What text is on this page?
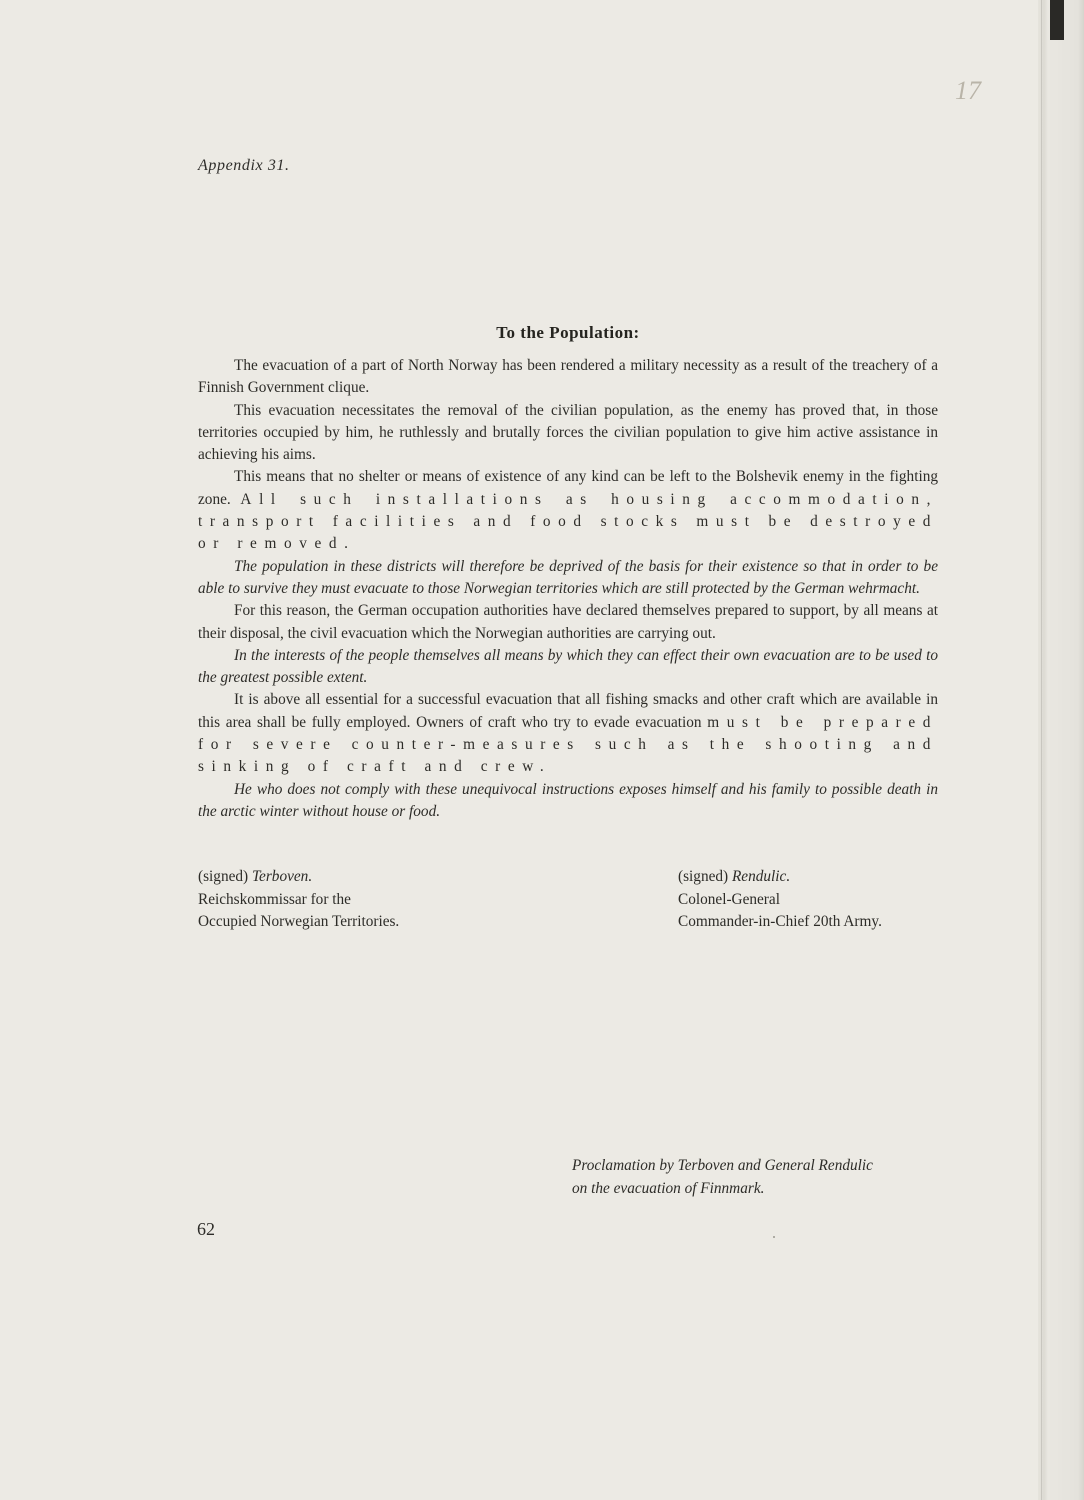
17
Appendix 31.
To the Population:

The evacuation of a part of North Norway has been rendered a military necessity as a result of the treachery of a Finnish Government clique.

This evacuation necessitates the removal of the civilian population, as the enemy has proved that, in those territories occupied by him, he ruthlessly and brutally forces the civilian population to give him active assistance in achieving his aims.

This means that no shelter or means of existence of any kind can be left to the Bolshevik enemy in the fighting zone. All such installations as housing accommodation, transport facilities and food stocks must be destroyed or removed.

The population in these districts will therefore be deprived of the basis for their existence so that in order to be able to survive they must evacuate to those Norwegian territories which are still protected by the German wehrmacht.

For this reason, the German occupation authorities have declared themselves prepared to support, by all means at their disposal, the civil evacuation which the Norwegian authorities are carrying out.

In the interests of the people themselves all means by which they can effect their own evacuation are to be used to the greatest possible extent.

It is above all essential for a successful evacuation that all fishing smacks and other craft which are available in this area shall be fully employed. Owners of craft who try to evade evacuation must be prepared for severe counter-measures such as the shooting and sinking of craft and crew.

He who does not comply with these unequivocal instructions exposes himself and his family to possible death in the arctic winter without house or food.

(signed) Terboven.
Reichskommissar for the
Occupied Norwegian Territories.
(signed) Rendulic.
Colonel-General
Commander-in-Chief 20th Army.
Proclamation by Terboven and General Rendulic
on the evacuation of Finnmark.
62
